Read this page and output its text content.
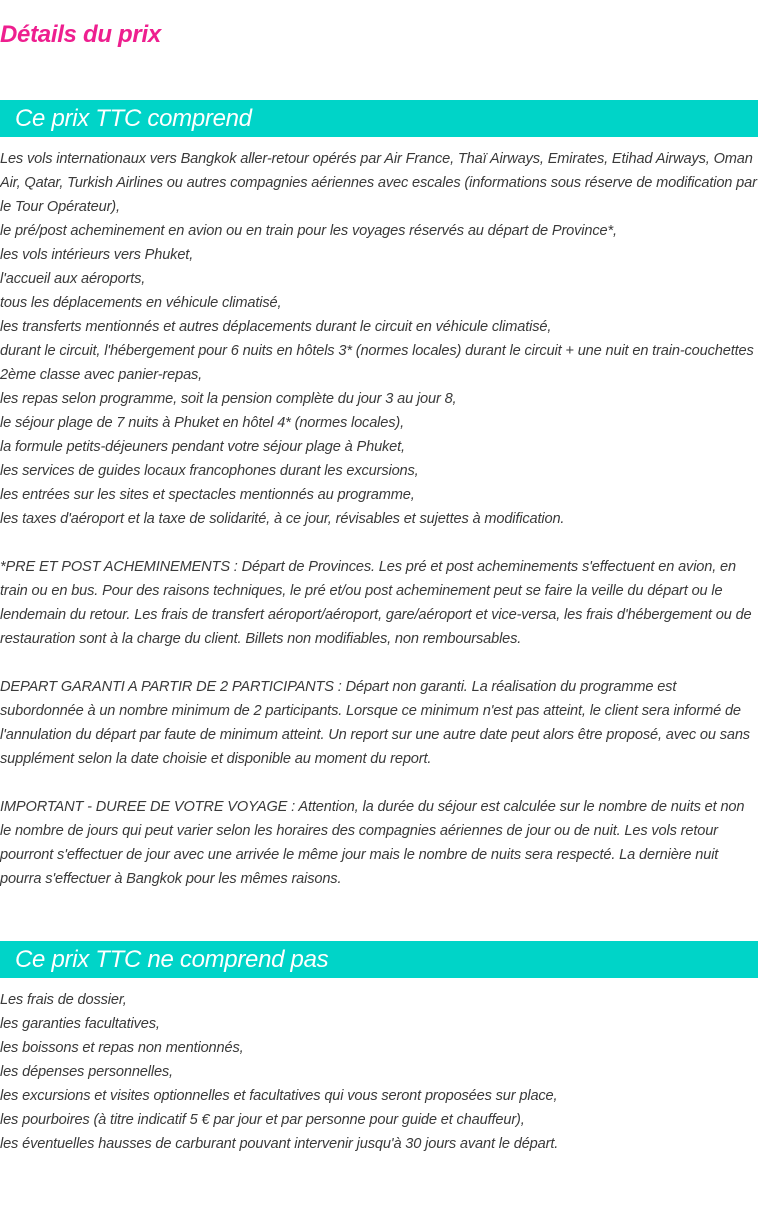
Détails du prix
Ce prix TTC comprend
Les vols internationaux vers Bangkok aller-retour opérés par Air France, Thaï Airways, Emirates, Etihad Airways, Oman Air, Qatar, Turkish Airlines ou autres compagnies aériennes avec escales (informations sous réserve de modification par le Tour Opérateur),
le pré/post acheminement en avion ou en train pour les voyages réservés au départ de Province*,
les vols intérieurs vers Phuket,
l'accueil aux aéroports,
tous les déplacements en véhicule climatisé,
les transferts mentionnés et autres déplacements durant le circuit en véhicule climatisé,
durant le circuit, l'hébergement pour 6 nuits en hôtels 3* (normes locales) durant le circuit + une nuit en train-couchettes 2ème classe avec panier-repas,
les repas selon programme, soit la pension complète du jour 3 au jour 8,
le séjour plage de 7 nuits à Phuket en hôtel 4* (normes locales),
la formule petits-déjeuners pendant votre séjour plage à Phuket,
les services de guides locaux francophones durant les excursions,
les entrées sur les sites et spectacles mentionnés au programme,
les taxes d'aéroport et la taxe de solidarité, à ce jour, révisables et sujettes à modification.

*PRE ET POST ACHEMINEMENTS : Départ de Provinces. Les pré et post acheminements s'effectuent en avion, en train ou en bus. Pour des raisons techniques, le pré et/ou post acheminement peut se faire la veille du départ ou le lendemain du retour. Les frais de transfert aéroport/aéroport, gare/aéroport et vice-versa, les frais d'hébergement ou de restauration sont à la charge du client. Billets non modifiables, non remboursables.

DEPART GARANTI A PARTIR DE 2 PARTICIPANTS : Départ non garanti. La réalisation du programme est subordonnée à un nombre minimum de 2 participants. Lorsque ce minimum n'est pas atteint, le client sera informé de l'annulation du départ par faute de minimum atteint. Un report sur une autre date peut alors être proposé, avec ou sans supplément selon la date choisie et disponible au moment du report.

IMPORTANT - DUREE DE VOTRE VOYAGE : Attention, la durée du séjour est calculée sur le nombre de nuits et non le nombre de jours qui peut varier selon les horaires des compagnies aériennes de jour ou de nuit. Les vols retour pourront s'effectuer de jour avec une arrivée le même jour mais le nombre de nuits sera respecté. La dernière nuit pourra s'effectuer à Bangkok pour les mêmes raisons.

Ce prix TTC ne comprend pas
Les frais de dossier,
les garanties facultatives,
les boissons et repas non mentionnés,
les dépenses personnelles,
les excursions et visites optionnelles et facultatives qui vous seront proposées sur place,
les pourboires (à titre indicatif 5 € par jour et par personne pour guide et chauffeur),
les éventuelles hausses de carburant pouvant intervenir jusqu'à 30 jours avant le départ.
